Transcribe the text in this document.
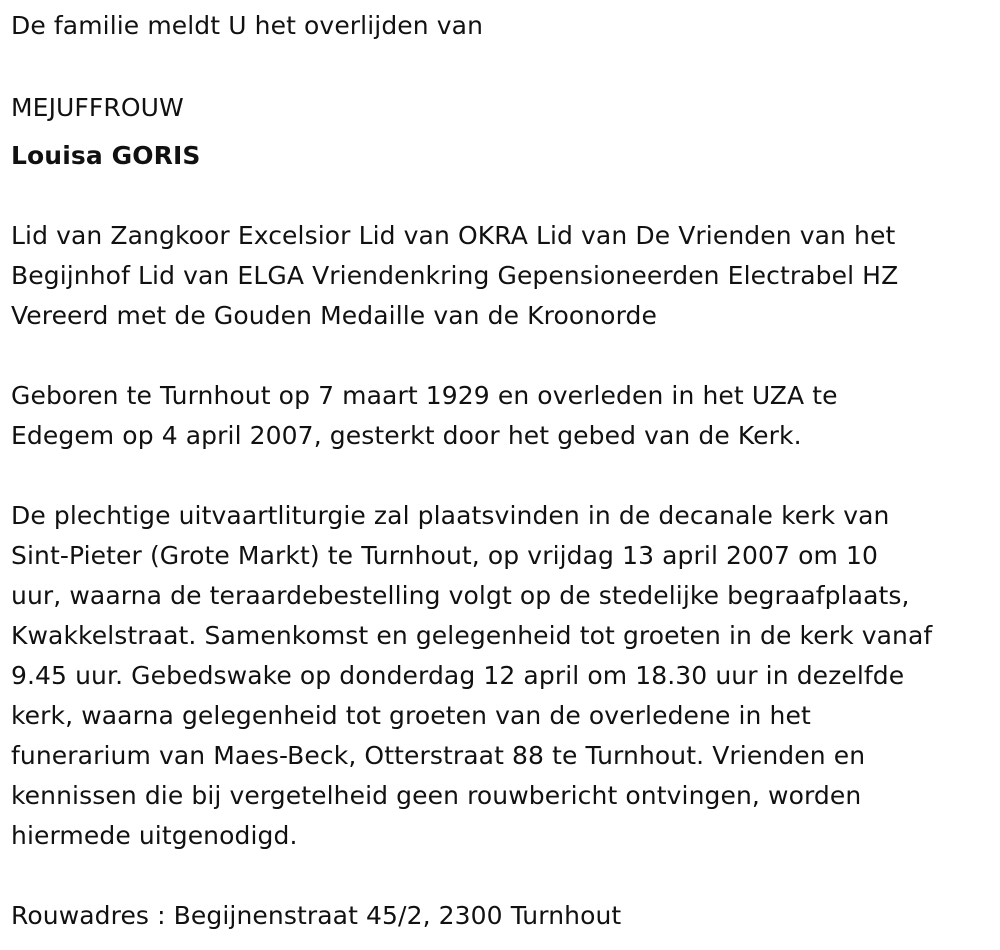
De familie meldt U het overlijden van
MEJUFFROUW
Louisa GORIS
Lid van Zangkoor Excelsior Lid van OKRA Lid van De Vrienden van het
Begijnhof Lid van ELGA Vriendenkring Gepensioneerden Electrabel HZ
Vereerd met de Gouden Medaille van de Kroonorde
Geboren te Turnhout op 7 maart 1929 en overleden in het UZA te
Edegem op 4 april 2007, gesterkt door het gebed van de Kerk.
De plechtige uitvaartliturgie zal plaatsvinden in de decanale kerk van
Sint-Pieter (Grote Markt) te Turnhout, op vrijdag 13 april 2007 om 10
uur, waarna de teraardebestelling volgt op de stedelijke begraafplaats,
Kwakkelstraat. Samenkomst en gelegenheid tot groeten in de kerk vanaf
9.45 uur. Gebedswake op donderdag 12 april om 18.30 uur in dezelfde
kerk, waarna gelegenheid tot groeten van de overledene in het
funerarium van Maes-Beck, Otterstraat 88 te Turnhout. Vrienden en
kennissen die bij vergetelheid geen rouwbericht ontvingen, worden
hiermede uitgenodigd.
Rouwadres : Begijnenstraat 45/2, 2300 Turnhout
